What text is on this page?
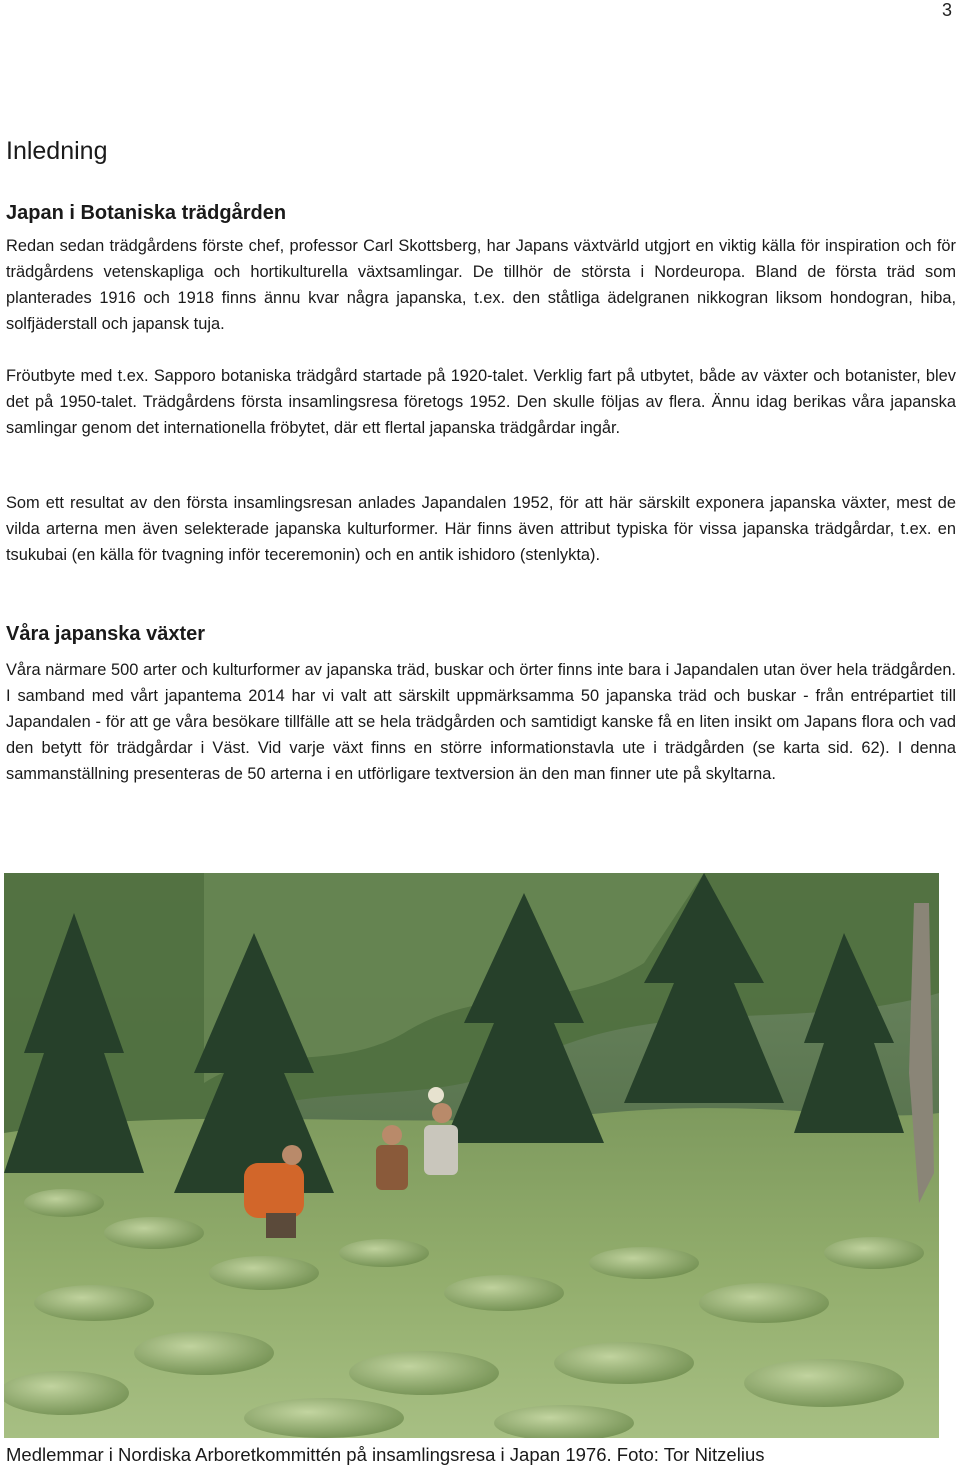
3
Inledning
Japan i Botaniska trädgården

Redan sedan trädgårdens förste chef, professor Carl Skottsberg, har Japans växtvärld utgjort en viktig källa för inspiration och för trädgårdens vetenskapliga och hortikulturella växtsamlingar. De tillhör de största i Nordeuropa. Bland de första träd som planterades 1916 och 1918 finns ännu kvar några japanska, t.ex. den ståtliga ädelgranen nikkogran liksom hondogran, hiba, solfjäderstall och japansk tuja.

Fröutbyte med t.ex. Sapporo botaniska trädgård startade på 1920-talet. Verklig fart på utbytet, både av växter och botanister, blev det på 1950-talet. Trädgårdens första insamlingsresa företogs 1952. Den skulle följas av flera. Ännu idag berikas våra japanska samlingar genom det internationella fröbytet, där ett flertal japanska trädgårdar ingår.

Som ett resultat av den första insamlingsresan anlades Japandalen 1952, för att här särskilt exponera japanska växter, mest de vilda arterna men även selekterade japanska kulturformer. Här finns även attribut typiska för vissa japanska trädgårdar, t.ex. en tsukubai (en källa för tvagning inför teceremonin) och en antik ishidoro (stenlykta).

Våra japanska växter

Våra närmare 500 arter och kulturformer av japanska träd, buskar och örter finns inte bara i Japandalen utan över hela trädgården. I samband med vårt japantema 2014 har vi valt att särskilt uppmärksamma 50 japanska träd och buskar - från entrépartiet till Japandalen - för att ge våra besökare tillfälle att se hela trädgården och samtidigt kanske få en liten insikt om Japans flora och vad den betytt för trädgårdar i Väst. Vid varje växt finns en större informationstavla ute i trädgården (se karta sid. 62). I denna sammanställning presenteras de 50 arterna i en utförligare textversion än den man finner ute på skyltarna.

Medlemmar i Nordiska Arboretkommittén på insamlingsresa i Japan 1976. Foto: Tor Nitzelius
